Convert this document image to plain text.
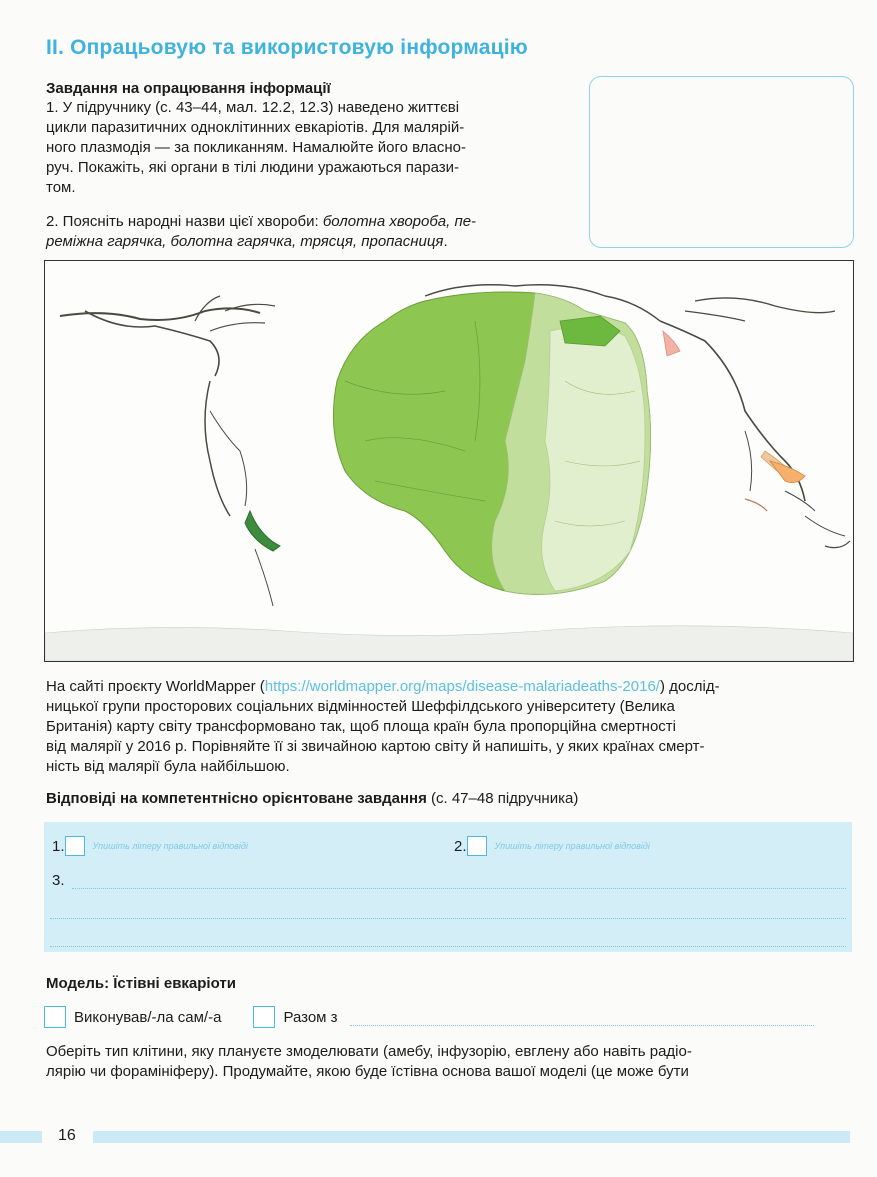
ІІ. Опрацьовую та використовую інформацію
Завдання на опрацювання інформації
1. У підручнику (с. 43–44, мал. 12.2, 12.3) наведено життєві
цикли паразитичних одноклітинних евкаріотів. Для малярій-
ного плазмодія — за покликанням. Намалюйте його власно-
руч. Покажіть, які органи в тілі людини уражаються парази-
том.
2. Поясніть народні назви цієї хвороби: болотна хвороба, пе-
реміжна гарячка, болотна гарячка, трясця, пропасниця.
На сайті проєкту WorldMapper (https://worldmapper.org/maps/disease-malariadeaths-2016/) дослід-
ницької групи просторових соціальних відмінностей Шеффілдського університету (Велика
Британія) карту світу трансформовано так, щоб площа країн була пропорційна смертності
від малярії у 2016 р. Порівняйте її зі звичайною картою світу й напишіть, у яких країнах смерт-
ність від малярії була найбільшою.
Відповіді на компетентнісно орієнтоване завдання (с. 47–48 підручника)
1.	Упишіть літеру правильної відповіді	2.	Упишіть літеру правильної відповіді
3.
Модель: Їстівні евкаріоти
Виконував/-ла сам/-а	Разом з
Оберіть тип клітини, яку плануєте змоделювати (амебу, інфузорію, евглену або навіть радіо-
лярію чи форамініферу). Продумайте, якою буде їстівна основа вашої моделі (це може бути
16
